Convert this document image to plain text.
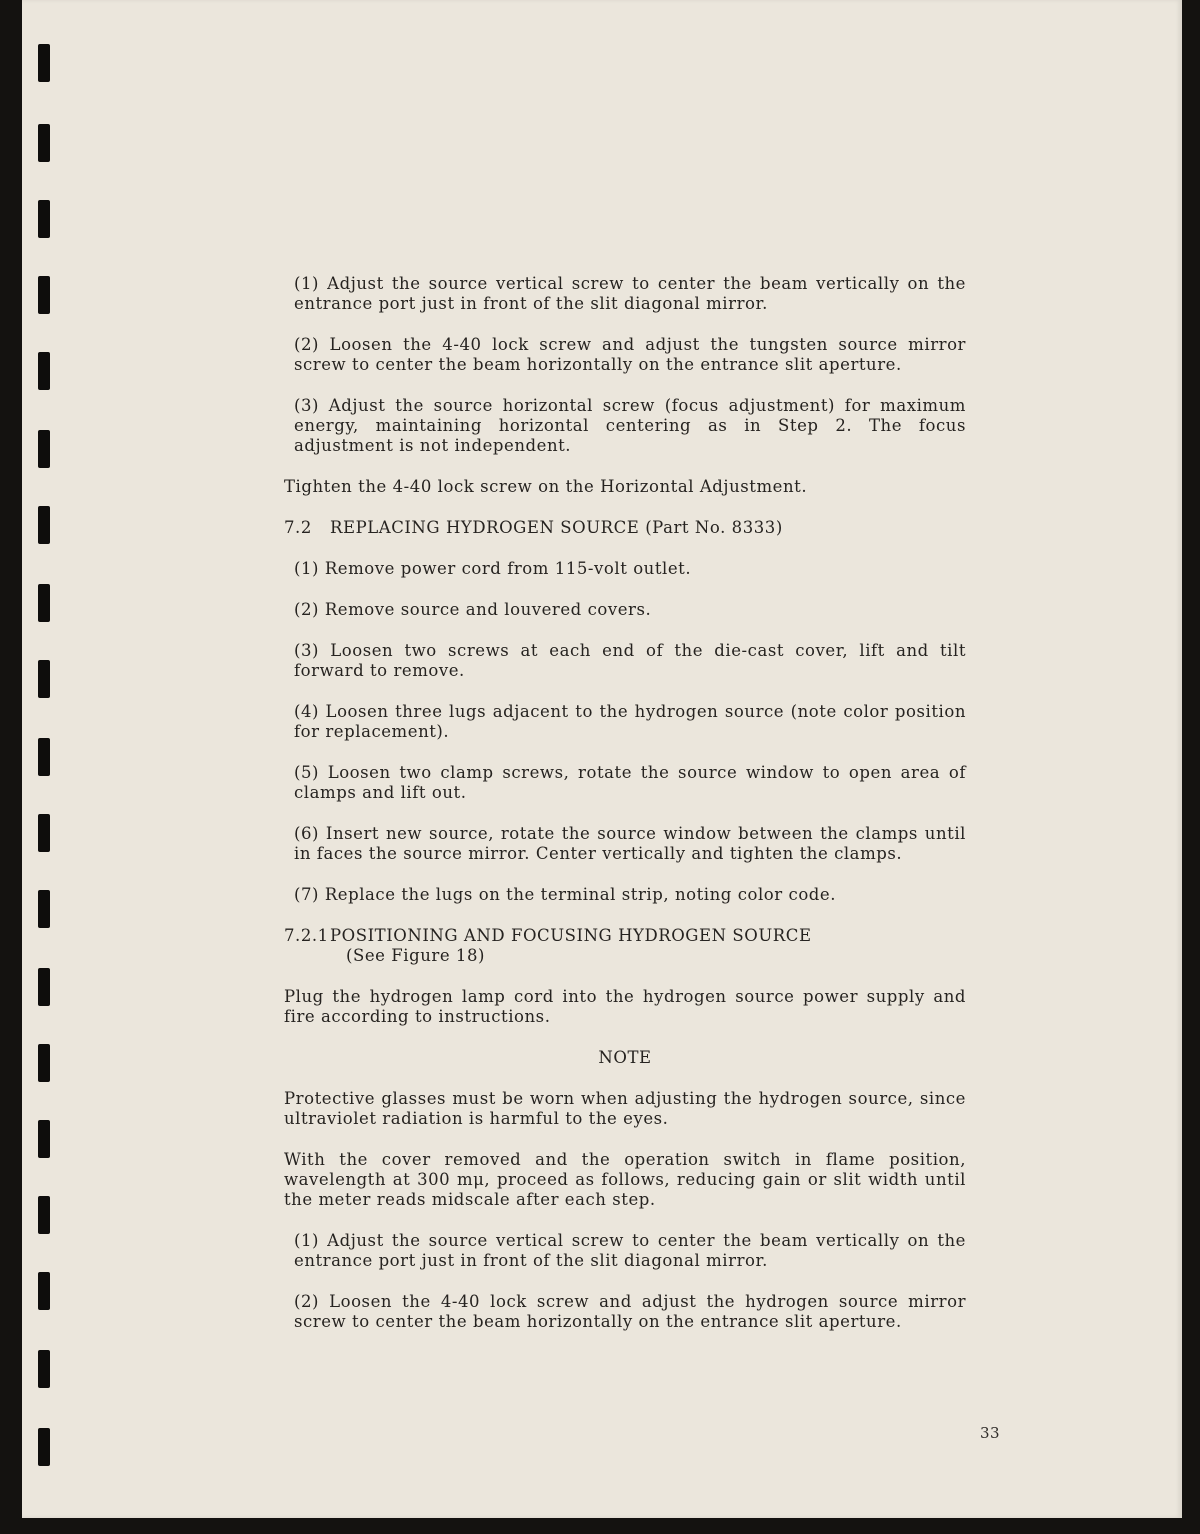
(1) Adjust the source vertical screw to center the beam vertically on the entrance port just in front of the slit diagonal mirror.

(2) Loosen the 4-40 lock screw and adjust the tungsten source mirror screw to center the beam horizontally on the entrance slit aperture.

(3) Adjust the source horizontal screw (focus adjustment) for maximum energy, maintaining horizontal centering as in Step 2. The focus adjustment is not independent.

Tighten the 4-40 lock screw on the Horizontal Adjustment.

7.2 REPLACING HYDROGEN SOURCE (Part No. 8333)

(1) Remove power cord from 115-volt outlet.

(2) Remove source and louvered covers.

(3) Loosen two screws at each end of the die-cast cover, lift and tilt forward to remove.

(4) Loosen three lugs adjacent to the hydrogen source (note color position for replacement).

(5) Loosen two clamp screws, rotate the source window to open area of clamps and lift out.

(6) Insert new source, rotate the source window between the clamps until in faces the source mirror. Center vertically and tighten the clamps.

(7) Replace the lugs on the terminal strip, noting color code.

7.2.1POSITIONING AND FOCUSING HYDROGEN SOURCE
(See Figure 18)

Plug the hydrogen lamp cord into the hydrogen source power supply and fire according to instructions.

NOTE

Protective glasses must be worn when adjusting the hydrogen source, since ultraviolet radiation is harmful to the eyes.

With the cover removed and the operation switch in flame position, wavelength at 300 mμ, proceed as follows, reducing gain or slit width until the meter reads midscale after each step.

(1) Adjust the source vertical screw to center the beam vertically on the entrance port just in front of the slit diagonal mirror.

(2) Loosen the 4-40 lock screw and adjust the hydrogen source mirror screw to center the beam horizontally on the entrance slit aperture.

33
